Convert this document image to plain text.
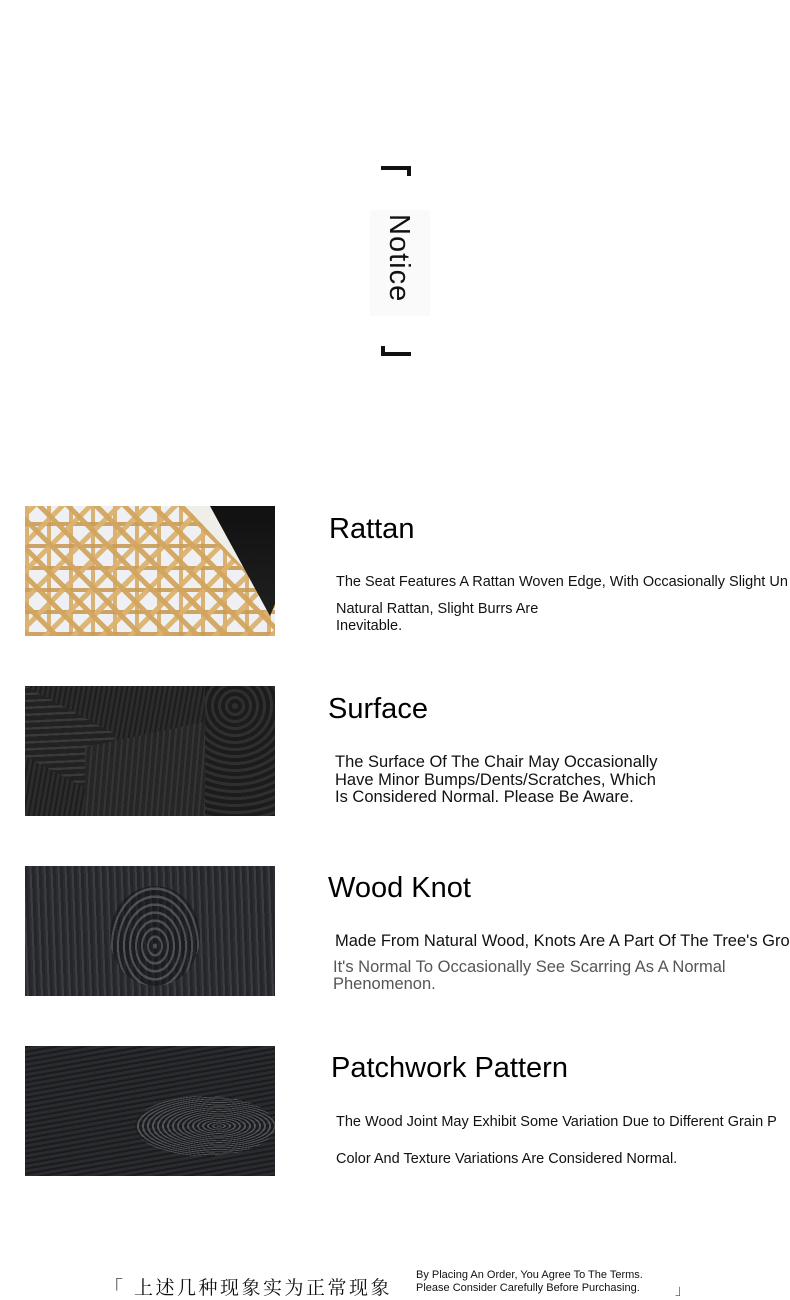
Notice
Rattan
The Seat Features A Rattan Woven Edge, With Occasionally Slight Un
Natural Rattan, Slight Burrs Are
Inevitable.
Surface
The Surface Of The Chair May Occasionally
Have Minor Bumps/Dents/Scratches, Which
Is Considered Normal. Please Be Aware.
Wood Knot
Made From Natural Wood, Knots Are A Part Of The Tree's Gro
It's Normal To Occasionally See Scarring As A Normal
Phenomenon.
Patchwork Pattern
The Wood Joint May Exhibit Some Variation Due to Different Grain P
Color And Texture Variations Are Considered Normal.
「 上述几种现象实为正常现象
By Placing An Order, You Agree To The Terms.
Please Consider Carefully Before Purchasing.	」
